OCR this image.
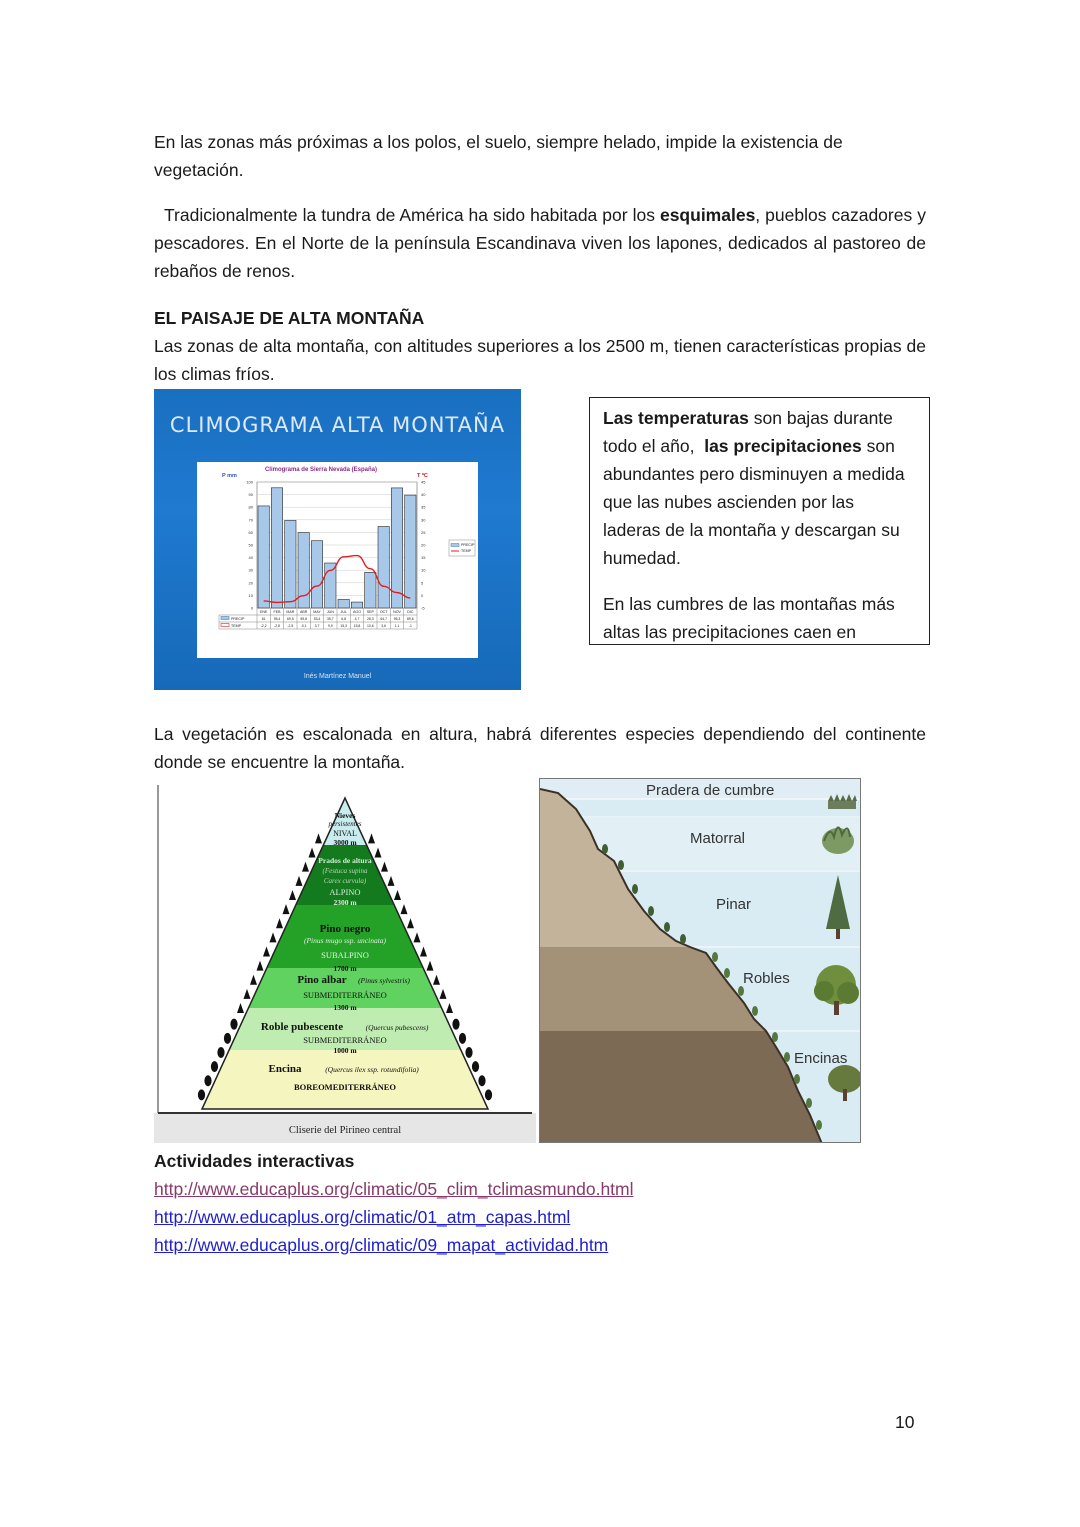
En las zonas más próximas a los polos, el suelo, siempre helado, impide la existencia de vegetación.

Tradicionalmente la tundra de América ha sido habitada por los esquimales, pueblos cazadores y pescadores. En el Norte de la península Escandinava viven los lapones, dedicados al pastoreo de rebaños de renos.

EL PAISAJE DE ALTA MONTAÑA

Las zonas de alta montaña, con altitudes superiores a los 2500 m, tienen características propias de los climas fríos.

CLIMOGRAMA ALTA MONTAÑA
Climograma de Sierra Nevada (España)
P mm	T ºC
0
10
20
30
40
50
60
70
80
90
100
-5
0
5
10
15
20
25
30
35
40
45
ENE FEB MAR ABR MAY JUN JUL AGO SEP OCT NOV DIC
PRECIP	81 95,4 69,5 59,8 53,4 35,7 6,8	4,7 28,3 64,7 95,3 89,6
TEMP	-2,2 -2,8 -2,5 -0,1 3,7	9,9 15,3 15,8 10,6 3,6	1,1	-1
PRECIP
TEMP
Inés Martínez Manuel

Las temperaturas son bajas durante todo el año,  las precipitaciones son abundantes pero disminuyen a medida que las nubes ascienden por las laderas de la montaña y descargan su humedad.

En las cumbres de las montañas más altas las precipitaciones caen en

La vegetación es escalonada en altura, habrá diferentes especies dependiendo del continente donde se encuentre la montaña.

Nieves
persistentes
NIVAL
3000 m
Prados de altura
(Festuca supina
Carex curvula)
ALPINO
2300 m
Pino negro
(Pinus mugo ssp. uncinata)
SUBALPINO
1700 m
Pino albar (Pinus sylvestris)
SUBMEDITERRÁNEO
1300 m
Roble pubescente	(Quercus pubescens)
SUBMEDITERRÁNEO
1000 m
Encina	(Quercus ilex ssp. rotundifolia)
BOREOMEDITERRÁNEO
Cliserie del Pirineo central
Pradera de cumbre
Matorral
Pinar
Robles
Encinas
Actividades interactivas
http://www.educaplus.org/climatic/05_clim_tclimasmundo.html
http://www.educaplus.org/climatic/01_atm_capas.html
http://www.educaplus.org/climatic/09_mapat_actividad.htm
10
